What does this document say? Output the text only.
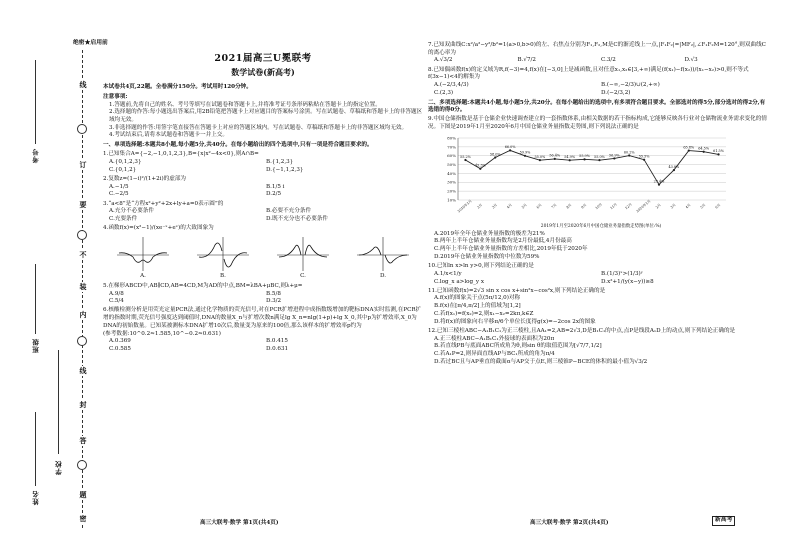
考号
班级
姓名
学校
线
订
要
不
装
内
线
封
答
题
密
绝密★启用前
2021届高三U冕联考
数学试卷(新高考)
本试卷共4页,22题。全卷满分150分。考试用时120分钟。
注意事项:
1.答题前,先将自己的姓名、考号等填写在试题卷和答题卡上,并将准考证号条形码粘贴在答题卡上的指定位置。
2.选择题的作答:每小题选出答案后,用2B铅笔把答题卡上对应题目的答案标号涂黑。写在试题卷、草稿纸和答题卡上的非答题区域均无效。
3.非选择题的作答:用签字笔直接答在答题卡上对应的答题区域内。写在试题卷、草稿纸和答题卡上的非答题区域均无效。
4.考试结束后,请将本试题卷和答题卡一并上交。
一、单项选择题:本题共8小题,每小题5分,共40分。在每小题给出的四个选项中,只有一项是符合题目要求的。
1.已知集合A={−2,−1,0,1,2,3},B={x|x²−4x<0},则A∩B=
A.{0,1,2,3}	B.{1,2,3}
C.{0,1,2}	D.{−1,1,2,3}
2.复数z=(1−i)²/(1+2i)的虚部为
A.−1/5	B.1/5 i
C.−2/5	D.2/5
3.“a<8”是“方程x²+y²+2x+ly+a=0表示圆”的
A.充分不必要条件	B.必要不充分条件
C.充要条件	D.既不充分也不必要条件
4.函数f(x)=(x²−1)/(xe⁻ˣ+eˣ)的大致图象为
A.	B.	C.	D.
5.在梯形ABCD中,AB∥CD,AB=4CD,M为AD的中点,BM=λBA+μBC,则λ+μ=
A.9/8	B.5/8
C.5/4	D.3/2
6.核酸检测分析是用荧光定量PCR法,通过化学物质的荧光信号,对在PCR扩增进程中成指数级增加的靶标DNA实时监测,在PCR扩增的指数时期,荧光信号强度达到阈值时,DNA的数量X_n与扩增次数n满足lg X_n=nlg(1+p)+lg X_0,其中p为扩增效率,X_0为DNA的初始数量。已知某被测标本DNA扩增10次后,数量变为原来的100倍,那么该样本的扩增效率p约为
(参考数据:10^0.2≈1.585,10^−0.2≈0.631)
A.0.369	B.0.415
C.0.585	D.0.631
高三大联考·数学 第1页(共4页)
7.已知双曲线C:x²/a²−y²/b²=1(a>0,b>0)的左、右焦点分别为F₁,F₂,M是C的渐近线上一点,|F₁F₂|=|MF₂|,∠F₁F₂M=120°,则双曲线C的离心率为
A.√3/2	B.√7/2	C.3/2	D.√3
8.已知偶函数f(x)的定义域为R,f(−3)=4,f(x)在[−3,0]上是减函数,且对任意x₁,x₂∈[3,+∞)满足(f(x₁)−f(x₂))/(x₁−x₂)>0,则不等式f(3x−1)<4的解集为
A.(−2/3,4/3)	B.(−∞,−2/3)∪(2,+∞)
C.(2,3)	D.(−2/3,2)
二、多项选择题:本题共4小题,每小题5分,共20分。在每小题给出的选项中,有多项符合题目要求。全部选对的得5分,部分选对的得2分,有选错的得0分。
9.中国仓储指数是基于仓储企业快速调查建立的一套指数体系,由相关数据的若干指标构成,它能够反映各行业对仓储物流业务需求变化的情况。下图是2019年1月至2020年6月中国仓储业务量指数走势图,则下列说法正确的是
80%
70%
60%
50%
40%
30%
20%
10%
55.2%
2019年1月
45.3%
2月
58.0%
3月
66.0%
4月
59.9%
5月
55.0%
6月
56.4%
7月
54.9%
8月
55.9%
9月
55.0%
10月
56.9%
11月
60.2%
12月
55.5%
2020年1月
27.4%
2月
43.8%
3月
65.8%
4月
64.5%
5月
61.5%
6月
2019年1月至2020年6月中国仓储业务量指数走势图(单位:%)
A.2019年全年仓储业务量指数的极差为21%
B.两年上半年仓储业务量指数均是2月份最低,4月份最高
C.两年上半年仓储业务量指数的方差相比,2019年低于2020年
D.2019年仓储业务量指数的中位数为59%
10.已知ln x>ln y>0,则下列结论正确的是
A.1/x<1/y	B.(1/3)ˣ>(1/3)ʸ
C.log_x a>log_y x	D.x²+1/(y(x−y))≥8
11.已知函数f(x)=2√3 sin x cos x+sin²x−cos²x,则下列结论正确的是
A.f(x)的图象关于点(5π/12,0)对称
B.f(x)在[π/4,π/2]上的值域为[1,2]
C.若f(x₁)=f(x₂)=2,则x₁−x₂=2kπ,k∈Z
D.将f(x)的图象向右平移π/6个单位长度得g(x)=−2cos 2x的图象
12.已知三棱柱ABC−A₁B₁C₁为正三棱柱,且AA₁=2,AB=2√3,D是B₁C₁的中点,点P是线段A₁D上的动点,则下列结论正确的是
A.正三棱柱ABC−A₁B₁C₁外接球的表面积为20π
B.若直线PB与底面ABC所成角为θ,则sin θ的取值范围为[√7/7,1/2]
C.若A₁P=2,则异面直线AP与BC₁所成的角为π/4
D.若过BC且与AP垂直的截面α与AP交于点E,则三棱锥P−BCE的体积的最小值为√3/2
高三大联考·数学 第2页(共4页)	新高考
